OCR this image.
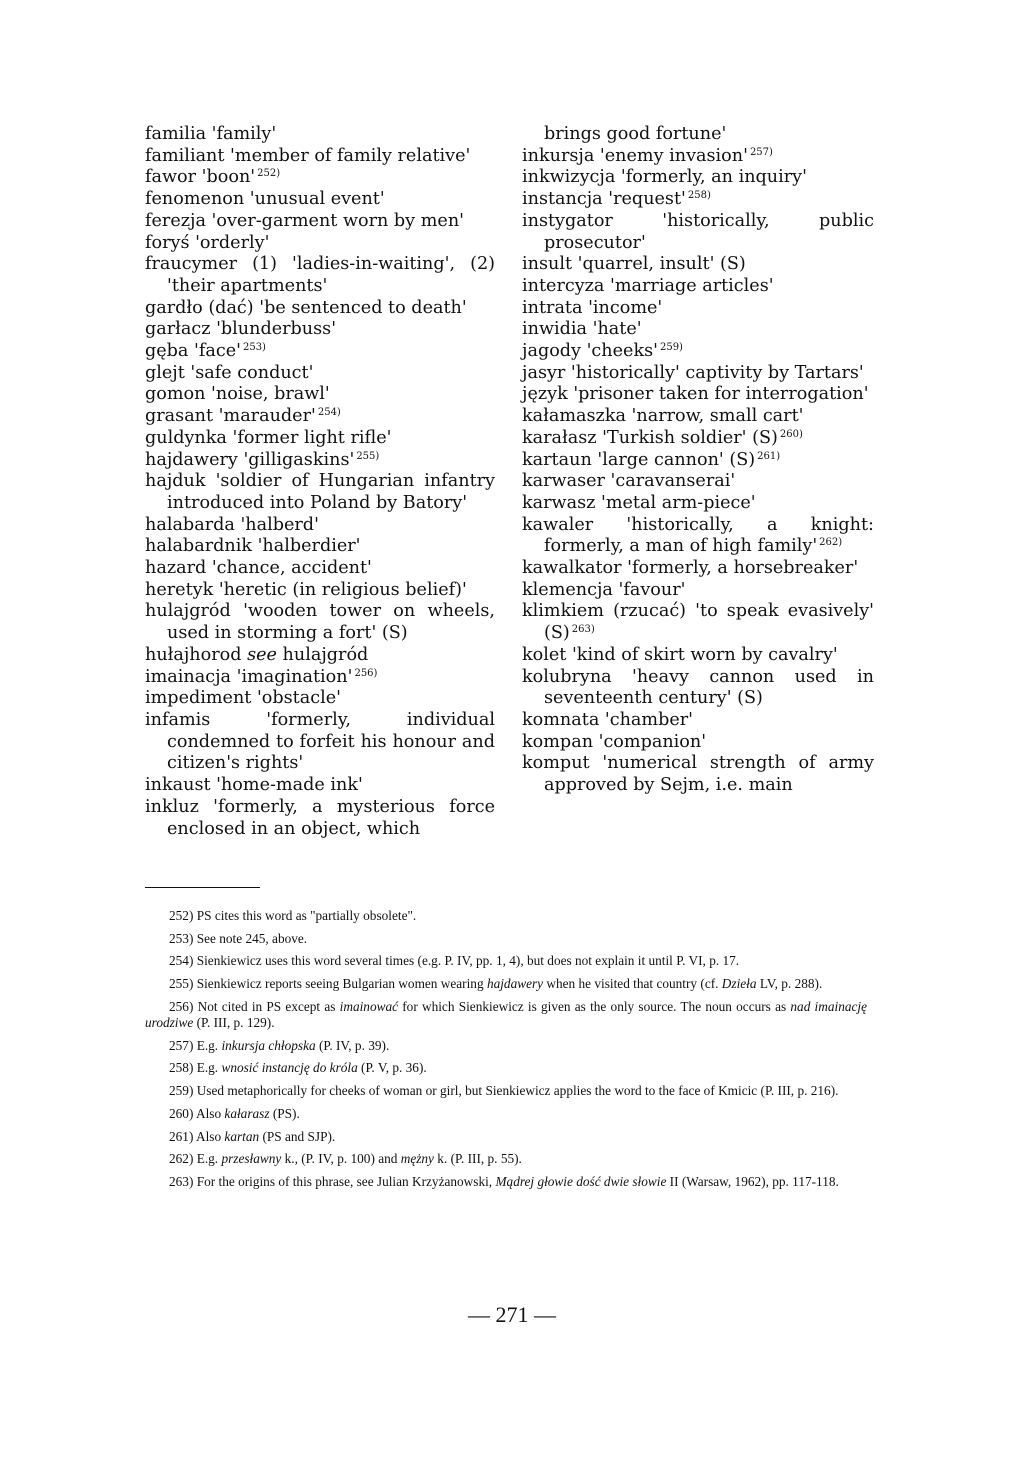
familia 'family'

familiant 'member of family relative'

fawor 'boon' $^{252)}$

fenomenon 'unusual event'

ferezja 'over-garment worn by men'

foryś 'orderly'

fraucymer (1) 'ladies-in-waiting', (2) 'their apartments'

gardło (dać) 'be sentenced to death'

garłacz 'blunderbuss'

gęba 'face' $^{253)}$

glejt 'safe conduct'

gomon 'noise, brawl'

grasant 'marauder' $^{254)}$

guldynka 'former light rifle'

hajdawery 'gilligaskins' $^{255)}$

hajduk 'soldier of Hungarian infantry introduced into Poland by Batory'

halabarda 'halberd'

halabardnik 'halberdier'

hazard 'chance, accident'

heretyk 'heretic (in religious belief)'

hulajgród 'wooden tower on wheels, used in storming a fort' (S)

hułajhorod see hulajgród

imainacja 'imagination' $^{256)}$

impediment 'obstacle'

infamis 'formerly, individual condemned to forfeit his honour and citizen's rights'

inkaust 'home-made ink'

inkluz 'formerly, a mysterious force enclosed in an object, which

brings good fortune'

inkursja 'enemy invasion' $^{257)}$

inkwizycja 'formerly, an inquiry'

instancja 'request' $^{258)}$

instygator 'historically, public prosecutor'

insult 'quarrel, insult' (S)

intercyza 'marriage articles'

intrata 'income'

inwidia 'hate'

jagody 'cheeks' $^{259)}$

jasyr 'historically' captivity by Tartars'

język 'prisoner taken for interrogation'

kałamaszka 'narrow, small cart'

karałasz 'Turkish soldier' (S) $^{260)}$

kartaun 'large cannon' (S) $^{261)}$

karwaser 'caravanserai'

karwasz 'metal arm-piece'

kawaler 'historically, a knight: formerly, a man of high family' $^{262)}$

kawalkator 'formerly, a horsebreaker'

klemencja 'favour'

klimkiem (rzucać) 'to speak evasively' (S) $^{263)}$

kolet 'kind of skirt worn by cavalry'

kolubryna 'heavy cannon used in seventeenth century' (S)

komnata 'chamber'

kompan 'companion'

komput 'numerical strength of army approved by Sejm, i.e. main

252) PS cites this word as "partially obsolete".

253) See note 245, above.

254) Sienkiewicz uses this word several times (e.g. P. IV, pp. 1, 4), but does not explain it until P. VI, p. 17.

255) Sienkiewicz reports seeing Bulgarian women wearing hajdawery when he visited that country (cf. Dzieła LV, p. 288).

256) Not cited in PS except as imainować for which Sienkiewicz is given as the only source. The noun occurs as nad imainację urodziwe (P. III, p. 129).

257) E.g. inkursja chłopska (P. IV, p. 39).

258) E.g. wnosić instancję do króla (P. V, p. 36).

259) Used metaphorically for cheeks of woman or girl, but Sienkiewicz applies the word to the face of Kmicic (P. III, p. 216).

260) Also kałarasz (PS).

261) Also kartan (PS and SJP).

262) E.g. przesławny k., (P. IV, p. 100) and mężny k. (P. III, p. 55).

263) For the origins of this phrase, see Julian Krzyżanowski, Mądrej głowie dość dwie słowie II (Warsaw, 1962), pp. 117-118.

— 271 —
